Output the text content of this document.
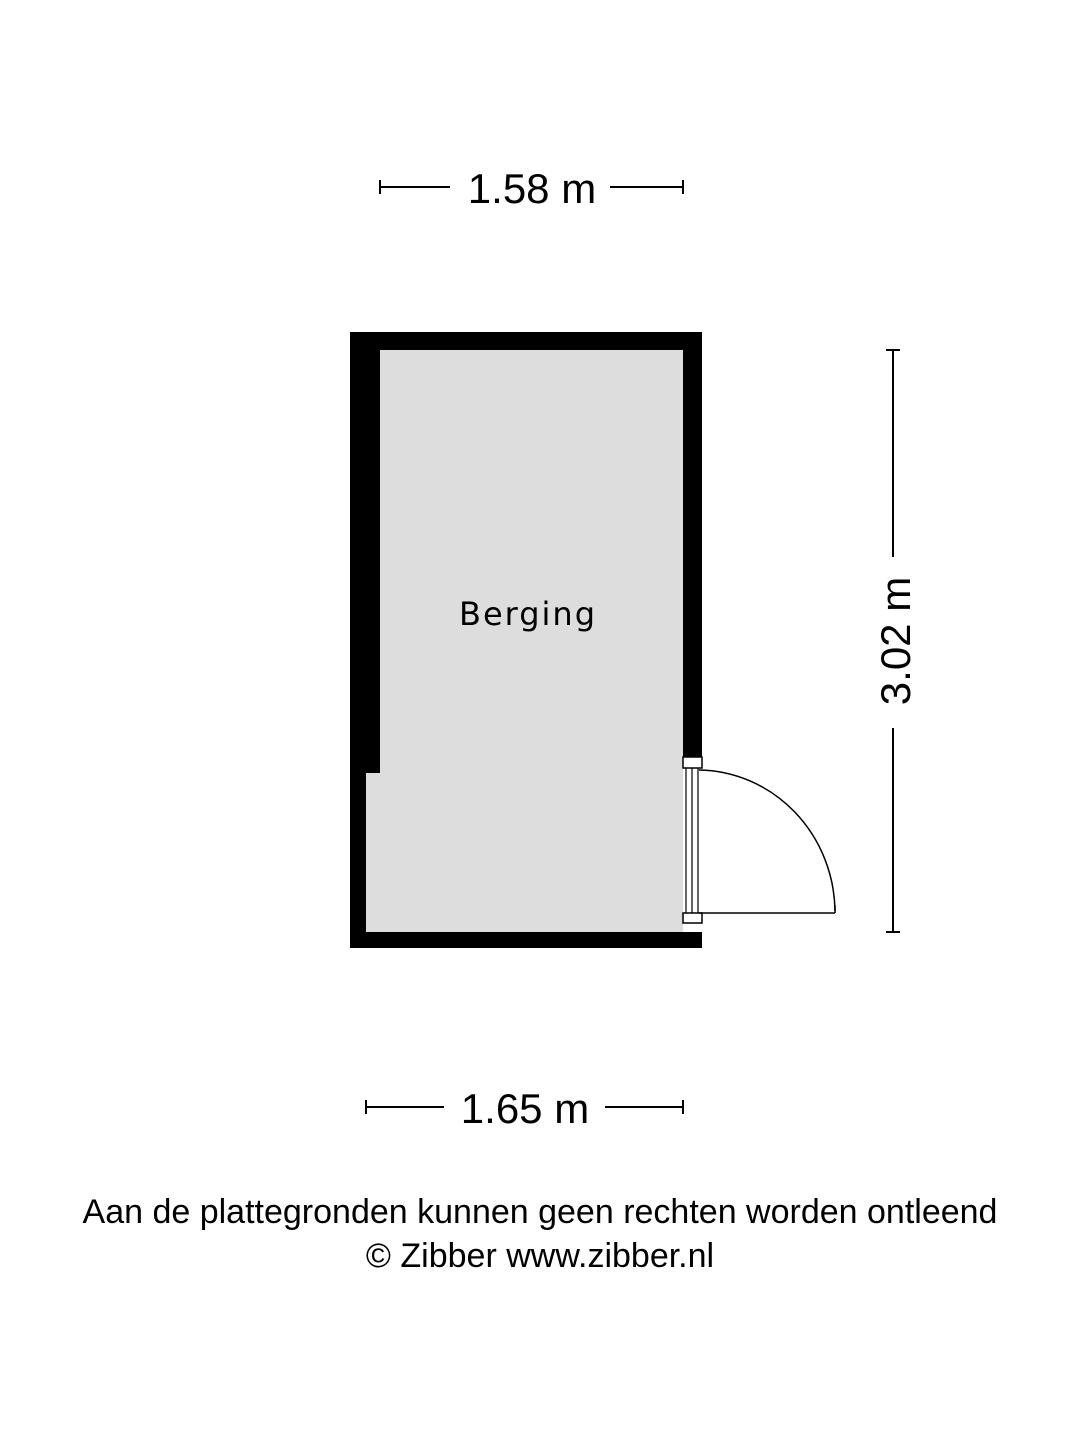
1.58 m
Berging	3.02 m
1.65 m
Aan de plattegronden kunnen geen rechten worden ontleend
© Zibber www.zibber.nl
